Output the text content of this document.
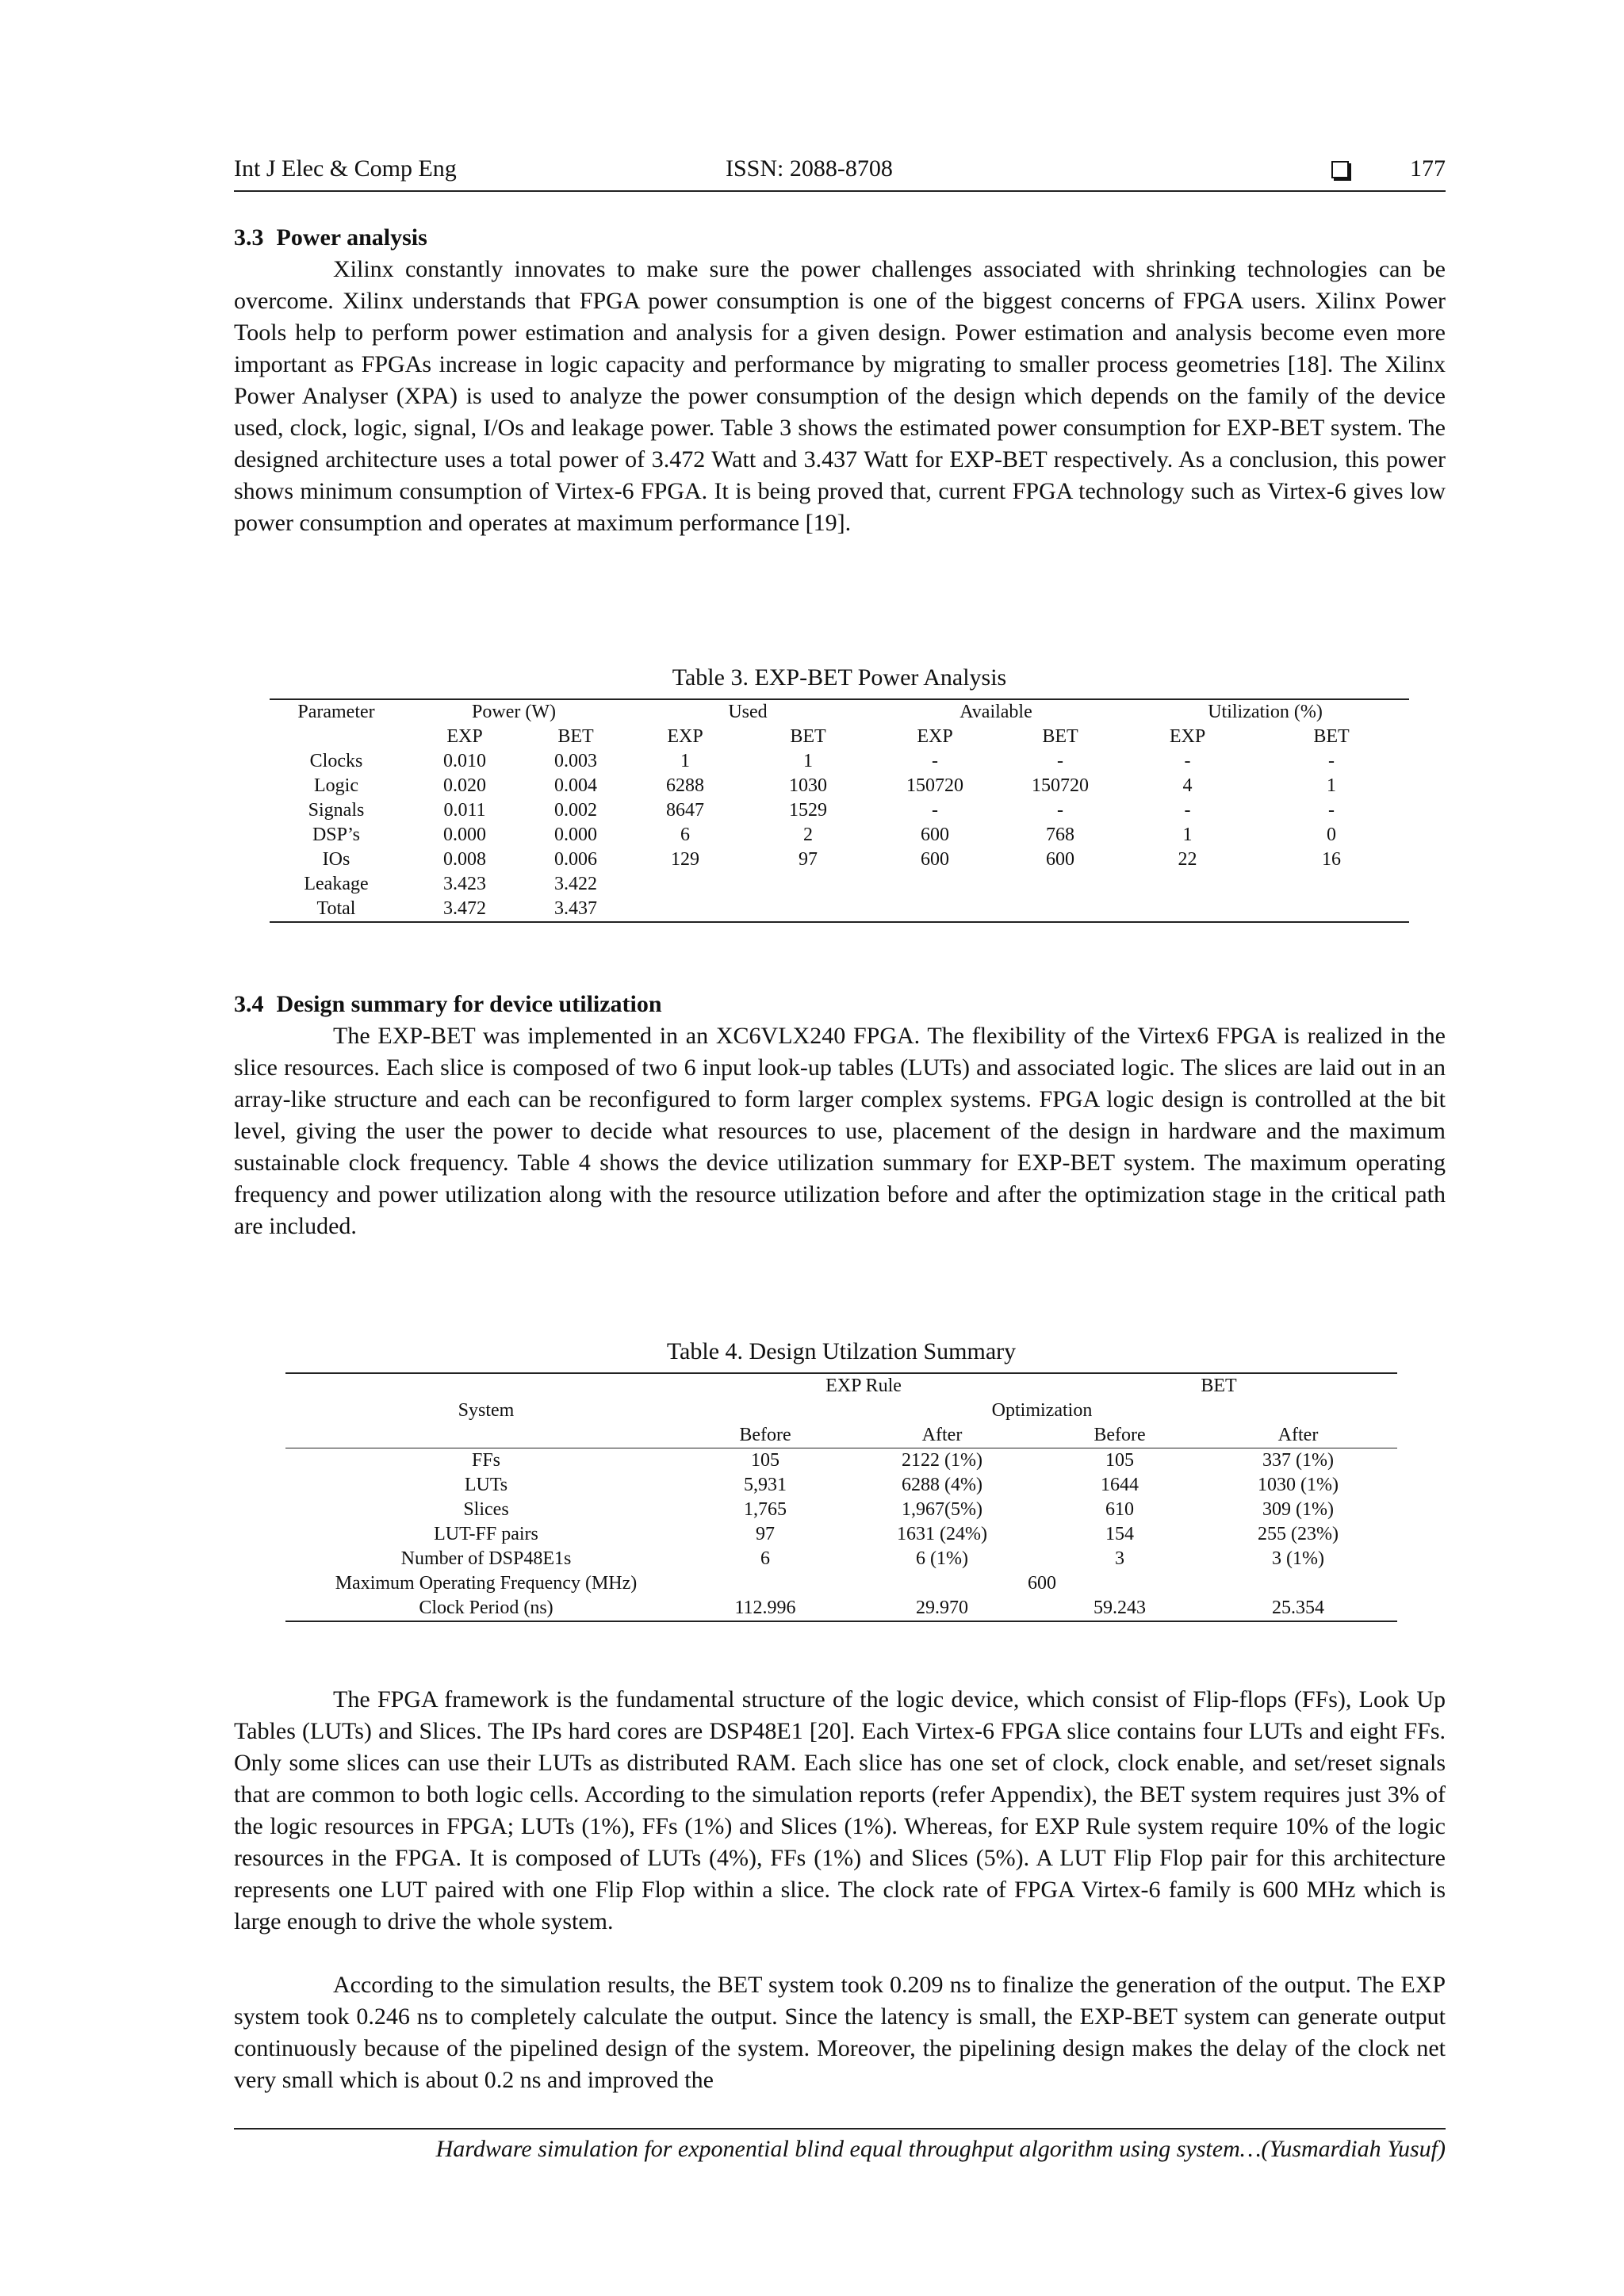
Int J Elec & Comp Eng	ISSN: 2088-8708	177
3.3 Power analysis

Xilinx constantly innovates to make sure the power challenges associated with shrinking technologies can be overcome. Xilinx understands that FPGA power consumption is one of the biggest concerns of FPGA users. Xilinx Power Tools help to perform power estimation and analysis for a given design. Power estimation and analysis become even more important as FPGAs increase in logic capacity and performance by migrating to smaller process geometries [18]. The Xilinx Power Analyser (XPA) is used to analyze the power consumption of the design which depends on the family of the device used, clock, logic, signal, I/Os and leakage power. Table 3 shows the estimated power consumption for EXP-BET system. The designed architecture uses a total power of 3.472 Watt and 3.437 Watt for EXP-BET respectively. As a conclusion, this power shows minimum consumption of Virtex-6 FPGA. It is being proved that, current FPGA technology such as Virtex-6 gives low power consumption and operates at maximum performance [19].

Table 3. EXP-BET Power Analysis
Parameter	Power (W)		Used		Available		Utilization (%)	
	EXP	BET	EXP	BET	EXP	BET	EXP	BET
Clocks	0.010	0.003	1	1	-	-	-	-
Logic	0.020	0.004	6288	1030	150720	150720	4	1
Signals	0.011	0.002	8647	1529	-	-	-	-
DSP’s	0.000	0.000	6	2	600	768	1	0
IOs	0.008	0.006	129	97	600	600	22	16
Leakage	3.423	3.422						
Total	3.472	3.437						
3.4 Design summary for device utilization

The EXP-BET was implemented in an XC6VLX240 FPGA. The flexibility of the Virtex6 FPGA is realized in the slice resources. Each slice is composed of two 6 input look-up tables (LUTs) and associated logic. The slices are laid out in an array-like structure and each can be reconfigured to form larger complex systems. FPGA logic design is controlled at the bit level, giving the user the power to decide what resources to use, placement of the design in hardware and the maximum sustainable clock frequency. Table 4 shows the device utilization summary for EXP-BET system. The maximum operating frequency and power utilization along with the resource utilization before and after the optimization stage in the critical path are included.

Table 4. Design Utilzation Summary
	EXP Rule		BET	
System	Optimization			
	Before	After	Before	After
FFs	105	2122 (1%)	105	337 (1%)
LUTs	5,931	6288 (4%)	1644	1030 (1%)
Slices	1,765	1,967(5%)	610	309 (1%)
LUT-FF pairs	97	1631 (24%)	154	255 (23%)
Number of DSP48E1s	6	6 (1%)	3	3 (1%)
Maximum Operating Frequency (MHz)	600			
Clock Period (ns)	112.996	29.970	59.243	25.354

The FPGA framework is the fundamental structure of the logic device, which consist of Flip-flops (FFs), Look Up Tables (LUTs) and Slices. The IPs hard cores are DSP48E1 [20]. Each Virtex-6 FPGA slice contains four LUTs and eight FFs. Only some slices can use their LUTs as distributed RAM. Each slice has one set of clock, clock enable, and set/reset signals that are common to both logic cells. According to the simulation reports (refer Appendix), the BET system requires just 3% of the logic resources in FPGA; LUTs (1%), FFs (1%) and Slices (1%). Whereas, for EXP Rule system require 10% of the logic resources in the FPGA. It is composed of LUTs (4%), FFs (1%) and Slices (5%). A LUT Flip Flop pair for this architecture represents one LUT paired with one Flip Flop within a slice. The clock rate of FPGA Virtex-6 family is 600 MHz which is large enough to drive the whole system.

According to the simulation results, the BET system took 0.209 ns to finalize the generation of the output. The EXP system took 0.246 ns to completely calculate the output. Since the latency is small, the EXP-BET system can generate output continuously because of the pipelined design of the system. Moreover, the pipelining design makes the delay of the clock net very small which is about 0.2 ns and improved the

Hardware simulation for exponential blind equal throughput algorithm using system…(Yusmardiah Yusuf)
